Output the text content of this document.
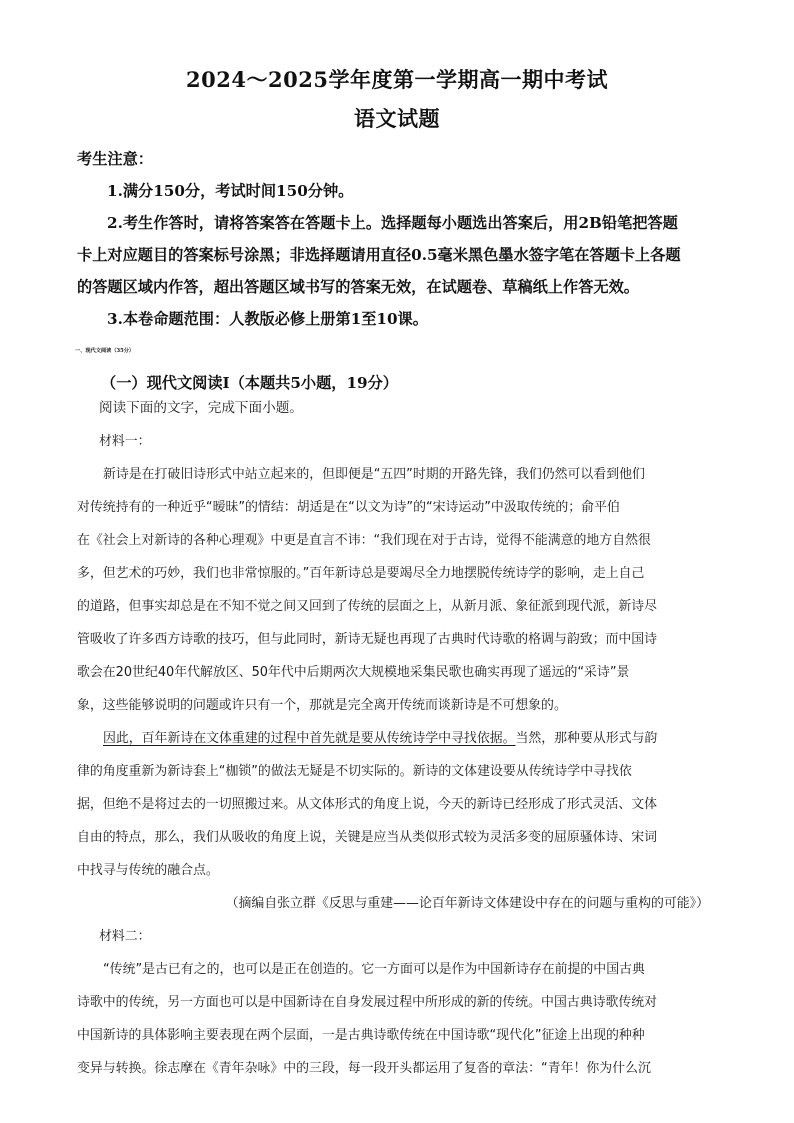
2024～2025学年度第一学期高一期中考试
语文试题
考生注意：
1.满分150分，考试时间150分钟。
2.考生作答时，请将答案答在答题卡上。选择题每小题选出答案后，用2B铅笔把答题
卡上对应题目的答案标号涂黑；非选择题请用直径0.5毫米黑色墨水签字笔在答题卡上各题
的答题区域内作答，超出答题区域书写的答案无效，在试题卷、草稿纸上作答无效。
3.本卷命题范围：人教版必修上册第1至10课。
一、现代文阅读（35分）
（一）现代文阅读Ⅰ（本题共5小题，19分）
阅读下面的文字，完成下面小题。
材料一：
新诗是在打破旧诗形式中站立起来的，但即便是“五四”时期的开路先锋，我们仍然可以看到他们
对传统持有的一种近乎“暧昧”的情结：胡适是在“以文为诗”的“宋诗运动”中汲取传统的；俞平伯
在《社会上对新诗的各种心理观》中更是直言不讳：“我们现在对于古诗，觉得不能满意的地方自然很
多，但艺术的巧妙，我们也非常惊服的。”百年新诗总是要竭尽全力地摆脱传统诗学的影响，走上自己
的道路，但事实却总是在不知不觉之间又回到了传统的层面之上，从新月派、象征派到现代派，新诗尽
管吸收了许多西方诗歌的技巧，但与此同时，新诗无疑也再现了古典时代诗歌的格调与韵致；而中国诗
歌会在20世纪40年代解放区、50年代中后期两次大规模地采集民歌也确实再现了遥远的“采诗”景
象，这些能够说明的问题或许只有一个，那就是完全离开传统而谈新诗是不可想象的。
因此，百年新诗在文体重建的过程中首先就是要从传统诗学中寻找依据。当然，那种要从形式与韵
律的角度重新为新诗套上“枷锁”的做法无疑是不切实际的。新诗的文体建设要从传统诗学中寻找依
据，但绝不是将过去的一切照搬过来。从文体形式的角度上说，今天的新诗已经形成了形式灵活、文体
自由的特点，那么，我们从吸收的角度上说，关键是应当从类似形式较为灵活多变的屈原骚体诗、宋词
中找寻与传统的融合点。
（摘编自张立群《反思与重建——论百年新诗文体建设中存在的问题与重构的可能》）
材料二：
“传统”是古已有之的，也可以是正在创造的。它一方面可以是作为中国新诗存在前提的中国古典
诗歌中的传统，另一方面也可以是中国新诗在自身发展过程中所形成的新的传统。中国古典诗歌传统对
中国新诗的具体影响主要表现在两个层面，一是古典诗歌传统在中国诗歌“现代化”征途上出现的种种
变异与转换。徐志摩在《青年杂咏》中的三段，每一段开头都运用了复沓的章法：“青年！你为什么沉
